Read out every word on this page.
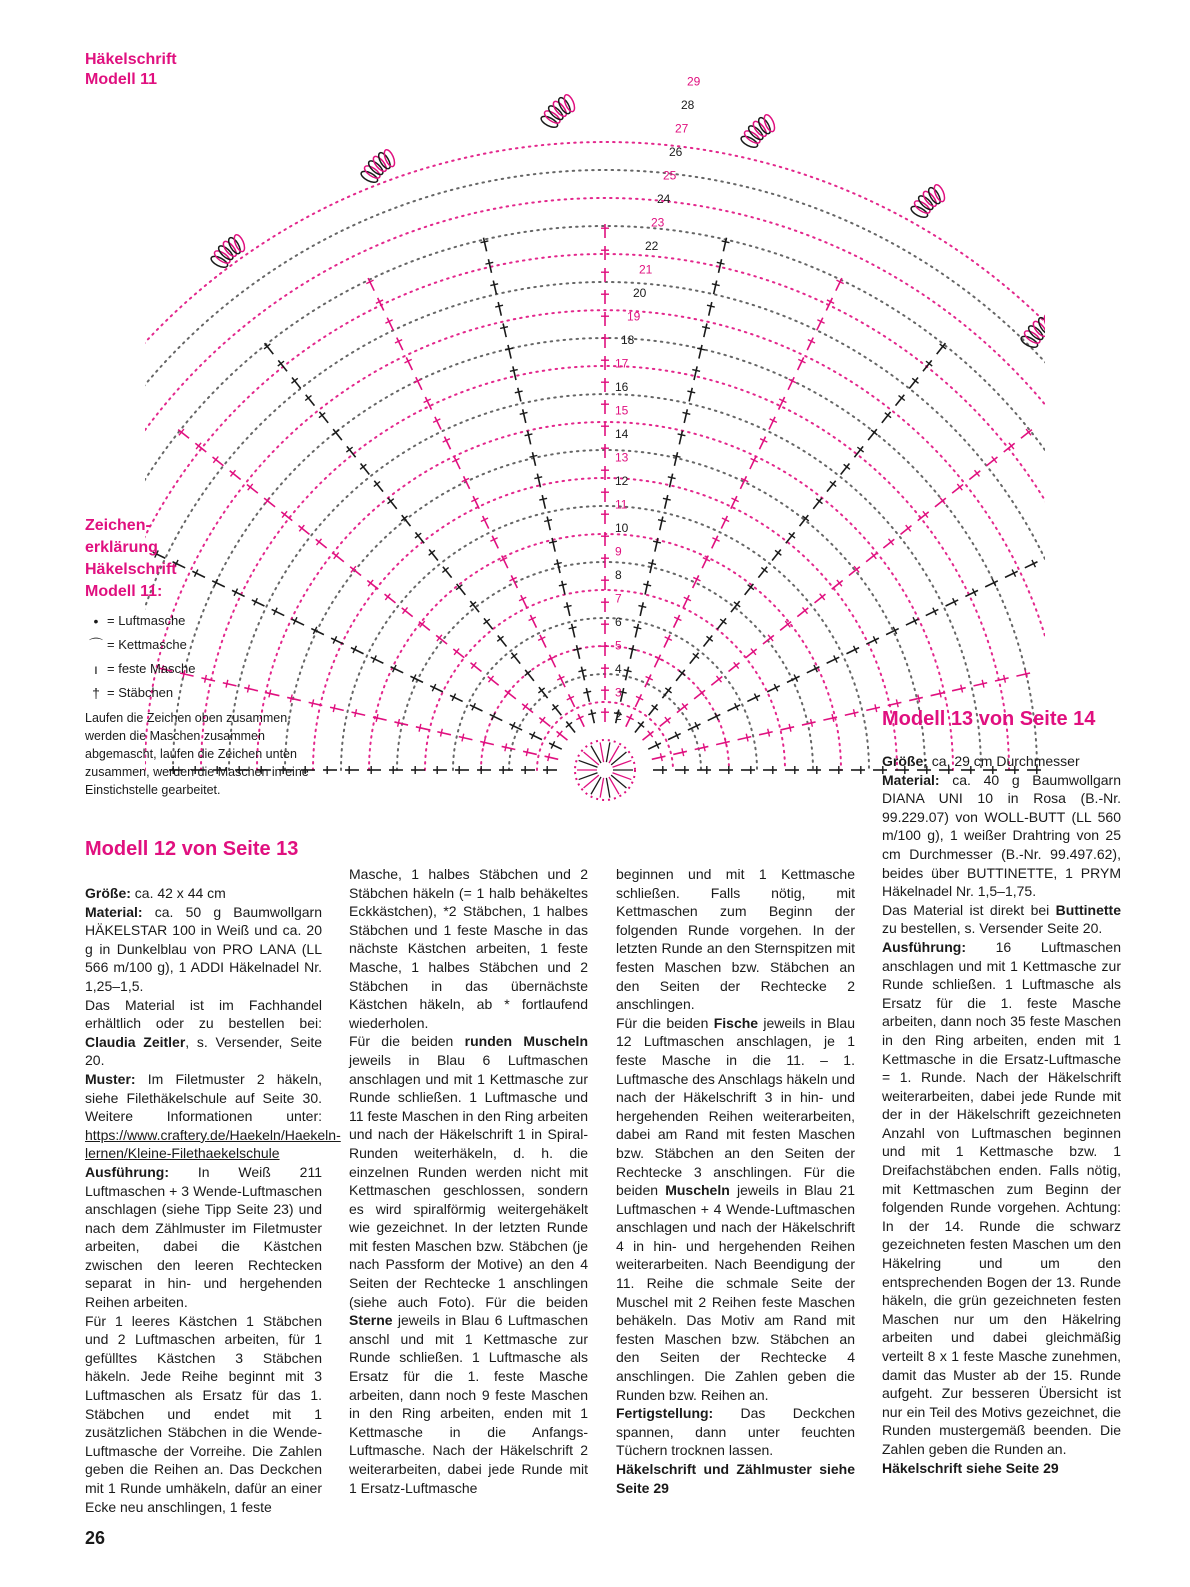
Häkelschrift
Modell 11
2
3
4
5
6
7
8
9
10
11
12
13
14
15
16
17
18
19
20
21
22
23
24
25
26
27
28
29
Zeichen-
erklärung
Häkelschrift
Modell 11:
• = Luftmasche
⌒ = Kettmasche
ı = feste Masche
† = Stäbchen
Laufen die Zeichen oben zusammen, werden die Maschen zusammen abgemascht, laufen die Zeichen unten zusammen, werden die Maschen in eine Einstichstelle gearbeitet.
Modell 12 von Seite 13

Größe: ca. 42 x 44 cm

Material: ca. 50 g Baumwollgarn HÄKELSTAR 100 in Weiß und ca. 20 g in Dunkelblau von PRO LANA (LL 566 m/100 g), 1 ADDI Häkelnadel Nr. 1,25–1,5.

Das Material ist im Fachhandel erhältlich oder zu bestellen bei: Claudia Zeitler, s. Versender, Seite 20.

Muster: Im Filetmuster 2 häkeln, siehe Filethäkelschule auf Seite 30. Weitere Informationen unter: https://www.craftery.de/Haekeln/Haekeln-lernen/Kleine-Filethaekelschule

Ausführung: In Weiß 211 Luftmaschen + 3 Wende-Luftmaschen anschlagen (siehe Tipp Seite 23) und nach dem Zählmuster im Filetmuster arbeiten, dabei die Kästchen zwischen den leeren Rechtecken separat in hin- und hergehenden Reihen arbeiten.

Für 1 leeres Kästchen 1 Stäbchen und 2 Luftmaschen arbeiten, für 1 gefülltes Kästchen 3 Stäbchen häkeln. Jede Reihe beginnt mit 3 Luftmaschen als Ersatz für das 1. Stäbchen und endet mit 1 zusätzlichen Stäbchen in die Wende-Luftmasche der Vorreihe. Die Zahlen geben die Reihen an. Das Deckchen mit 1 Runde umhäkeln, dafür an einer Ecke neu anschlingen, 1 feste

Masche, 1 halbes Stäbchen und 2 Stäbchen häkeln (= 1 halb behäkeltes Eckkästchen), *2 Stäbchen, 1 halbes Stäbchen und 1 feste Masche in das nächste Kästchen arbeiten, 1 feste Masche, 1 halbes Stäbchen und 2 Stäbchen in das übernächste Kästchen häkeln, ab * fortlaufend wiederholen.

Für die beiden runden Muscheln jeweils in Blau 6 Luftmaschen anschlagen und mit 1 Kettmasche zur Runde schließen. 1 Luftmasche und 11 feste Maschen in den Ring arbeiten und nach der Häkelschrift 1 in Spiral-Runden weiterhäkeln, d. h. die einzelnen Runden werden nicht mit Kettmaschen geschlossen, sondern es wird spiralförmig weitergehäkelt wie gezeichnet. In der letzten Runde mit festen Maschen bzw. Stäbchen (je nach Passform der Motive) an den 4 Seiten der Rechtecke 1 anschlingen (siehe auch Foto). Für die beiden Sterne jeweils in Blau 6 Luftmaschen anschl und mit 1 Kettmasche zur Runde schließen. 1 Luftmasche als Ersatz für die 1. feste Masche arbeiten, dann noch 9 feste Maschen in den Ring arbeiten, enden mit 1 Kettmasche in die Anfangs- Luftmasche. Nach der Häkelschrift 2 weiterarbeiten, dabei jede Runde mit 1 Ersatz-Luftmasche

beginnen und mit 1 Kettmasche schließen. Falls nötig, mit Kettmaschen zum Beginn der folgenden Runde vorgehen. In der letzten Runde an den Sternspitzen mit festen Maschen bzw. Stäbchen an den Seiten der Rechtecke 2 anschlingen.

Für die beiden Fische jeweils in Blau 12 Luftmaschen anschlagen, je 1 feste Masche in die 11. – 1. Luftmasche des Anschlags häkeln und nach der Häkelschrift 3 in hin- und hergehenden Reihen weiterarbeiten, dabei am Rand mit festen Maschen bzw. Stäbchen an den Seiten der Rechtecke 3 anschlingen. Für die beiden Muscheln jeweils in Blau 21 Luftmaschen + 4 Wende-Luftmaschen anschlagen und nach der Häkelschrift 4 in hin- und hergehenden Reihen weiterarbeiten. Nach Beendigung der 11. Reihe die schmale Seite der Muschel mit 2 Reihen feste Maschen behäkeln. Das Motiv am Rand mit festen Maschen bzw. Stäbchen an den Seiten der Rechtecke 4 anschlingen. Die Zahlen geben die Runden bzw. Reihen an.

Fertigstellung: Das Deckchen spannen, dann unter feuchten Tüchern trocknen lassen.

Häkelschrift und Zählmuster siehe Seite 29

Modell 13 von Seite 14

Größe: ca. 29 cm Durchmesser

Material: ca. 40 g Baumwollgarn DIANA UNI 10 in Rosa (B.-Nr. 99.229.07) von WOLL-BUTT (LL 560 m/100 g), 1 weißer Drahtring von 25 cm Durchmesser (B.-Nr. 99.497.62), beides über BUTTINETTE, 1 PRYM Häkelnadel Nr. 1,5–1,75.

Das Material ist direkt bei Buttinette zu bestellen, s. Versender Seite 20.

Ausführung: 16 Luftmaschen anschlagen und mit 1 Kettmasche zur Runde schließen. 1 Luftmasche als Ersatz für die 1. feste Masche arbeiten, dann noch 35 feste Maschen in den Ring arbeiten, enden mit 1 Kettmasche in die Ersatz-Luftmasche = 1. Runde. Nach der Häkelschrift weiterarbeiten, dabei jede Runde mit der in der Häkelschrift gezeichneten Anzahl von Luftmaschen beginnen und mit 1 Kettmasche bzw. 1 Dreifachstäbchen enden. Falls nötig, mit Kettmaschen zum Beginn der folgenden Runde vorgehen. Achtung: In der 14. Runde die schwarz gezeichneten festen Maschen um den Häkelring und um den entsprechenden Bogen der 13. Runde häkeln, die grün gezeichneten festen Maschen nur um den Häkelring arbeiten und dabei gleichmäßig verteilt 8 x 1 feste Masche zunehmen, damit das Muster ab der 15. Runde aufgeht. Zur besseren Übersicht ist nur ein Teil des Motivs gezeichnet, die Runden mustergemäß beenden. Die Zahlen geben die Runden an.

Häkelschrift siehe Seite 29

26
